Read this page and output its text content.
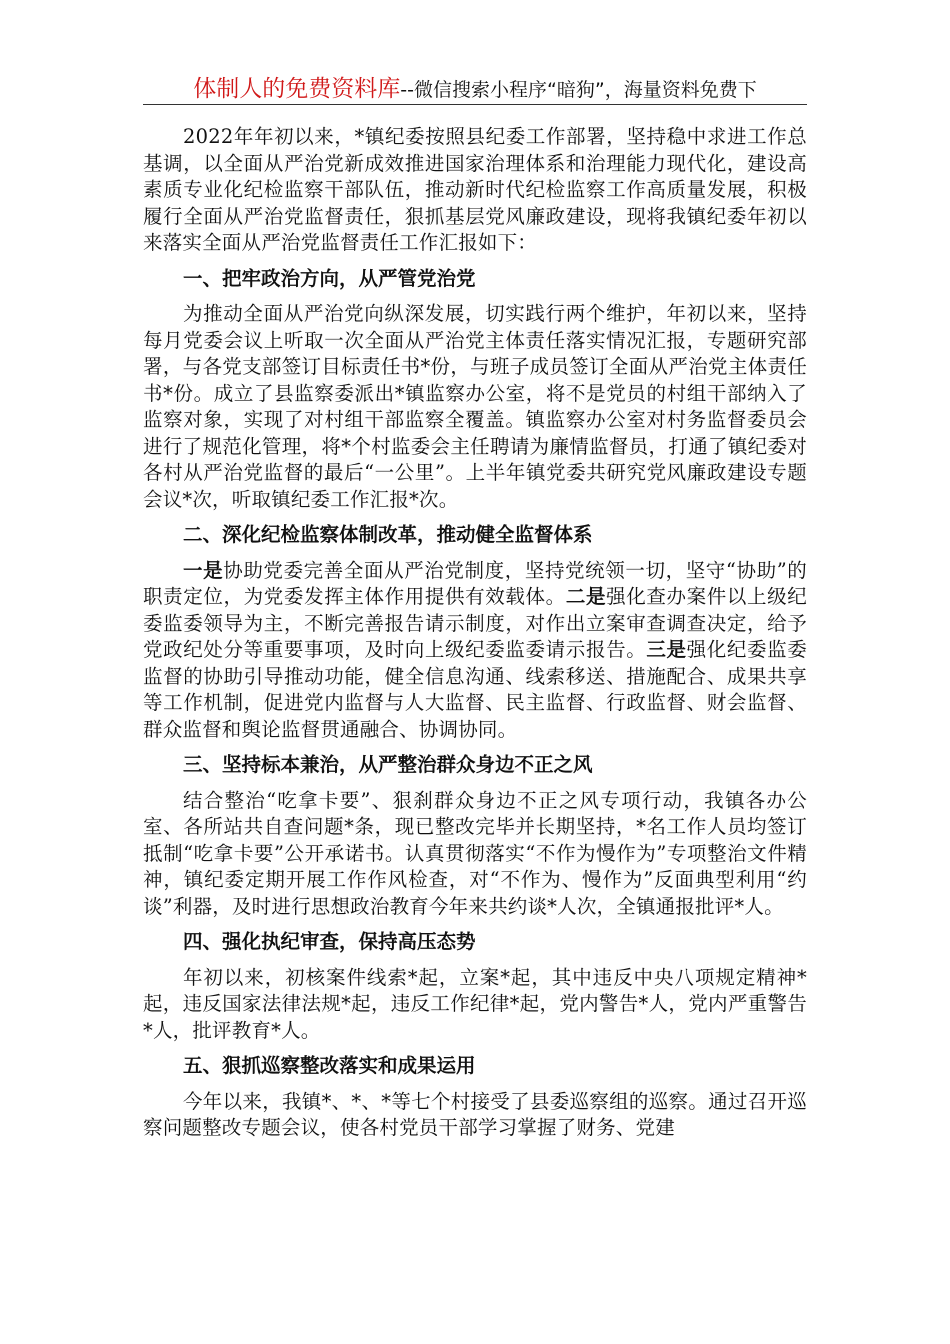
体制人的免费资料库--微信搜索小程序“暗狗”，海量资料免费下

2022年年初以来，*镇纪委按照县纪委工作部署，坚持稳中求进工作总基调，以全面从严治党新成效推进国家治理体系和治理能力现代化，建设高素质专业化纪检监察干部队伍，推动新时代纪检监察工作高质量发展，积极履行全面从严治党监督责任，狠抓基层党风廉政建设，现将我镇纪委年初以来落实全面从严治党监督责任工作汇报如下：

一、把牢政治方向，从严管党治党

为推动全面从严治党向纵深发展，切实践行两个维护，年初以来，坚持每月党委会议上听取一次全面从严治党主体责任落实情况汇报，专题研究部署，与各党支部签订目标责任书*份，与班子成员签订全面从严治党主体责任书*份。成立了县监察委派出*镇监察办公室，将不是党员的村组干部纳入了监察对象，实现了对村组干部监察全覆盖。镇监察办公室对村务监督委员会进行了规范化管理，将*个村监委会主任聘请为廉情监督员，打通了镇纪委对各村从严治党监督的最后“一公里”。上半年镇党委共研究党风廉政建设专题会议*次，听取镇纪委工作汇报*次。

二、深化纪检监察体制改革，推动健全监督体系

一是协助党委完善全面从严治党制度，坚持党统领一切，坚守“协助”的职责定位，为党委发挥主体作用提供有效载体。二是强化查办案件以上级纪委监委领导为主，不断完善报告请示制度，对作出立案审查调查决定，给予党政纪处分等重要事项，及时向上级纪委监委请示报告。三是强化纪委监委监督的协助引导推动功能，健全信息沟通、线索移送、措施配合、成果共享等工作机制，促进党内监督与人大监督、民主监督、行政监督、财会监督、群众监督和舆论监督贯通融合、协调协同。

三、坚持标本兼治，从严整治群众身边不正之风

结合整治“吃拿卡要”、狠刹群众身边不正之风专项行动，我镇各办公室、各所站共自查问题*条，现已整改完毕并长期坚持，*名工作人员均签订抵制“吃拿卡要”公开承诺书。认真贯彻落实“不作为慢作为”专项整治文件精神，镇纪委定期开展工作作风检查，对“不作为、慢作为”反面典型利用“约谈”利器，及时进行思想政治教育今年来共约谈*人次，全镇通报批评*人。

四、强化执纪审查，保持高压态势

年初以来，初核案件线索*起，立案*起，其中违反中央八项规定精神*起，违反国家法律法规*起，违反工作纪律*起，党内警告*人，党内严重警告*人，批评教育*人。

五、狠抓巡察整改落实和成果运用

今年以来，我镇*、*、*等七个村接受了县委巡察组的巡察。通过召开巡察问题整改专题会议，使各村党员干部学习掌握了财务、党建
